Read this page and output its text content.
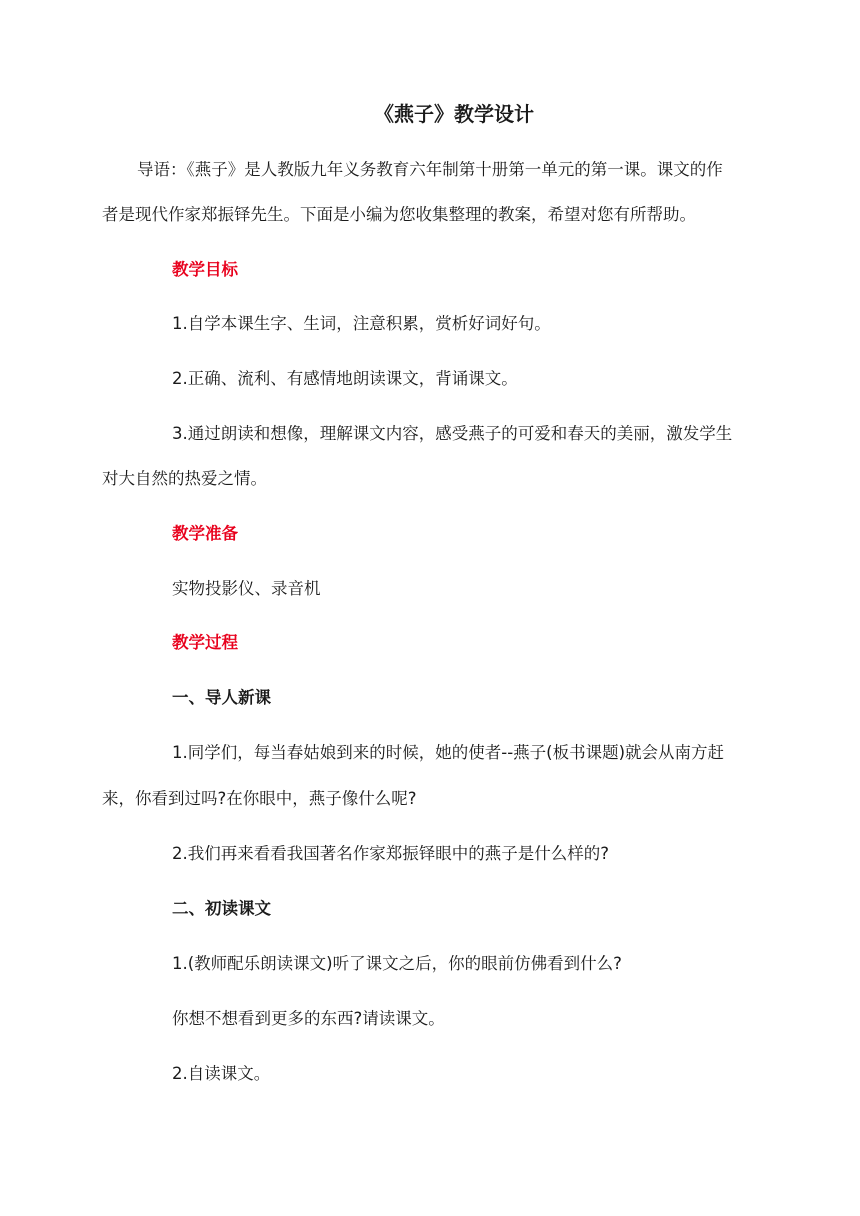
《燕子》教学设计

导语：《燕子》是人教版九年义务教育六年制第十册第一单元的第一课。课文的作

者是现代作家郑振铎先生。下面是小编为您收集整理的教案，希望对您有所帮助。

教学目标

1.自学本课生字、生词，注意积累，赏析好词好句。

2.正确、流利、有感情地朗读课文，背诵课文。

3.通过朗读和想像，理解课文内容，感受燕子的可爱和春天的美丽，激发学生

对大自然的热爱之情。

教学准备

实物投影仪、录音机

教学过程

一、导人新课

1.同学们，每当春姑娘到来的时候，她的使者--燕子(板书课题)就会从南方赶

来，你看到过吗?在你眼中，燕子像什么呢?

2.我们再来看看我国著名作家郑振铎眼中的燕子是什么样的?

二、初读课文

1.(教师配乐朗读课文)听了课文之后，你的眼前仿佛看到什么?

你想不想看到更多的东西?请读课文。

2.自读课文。
